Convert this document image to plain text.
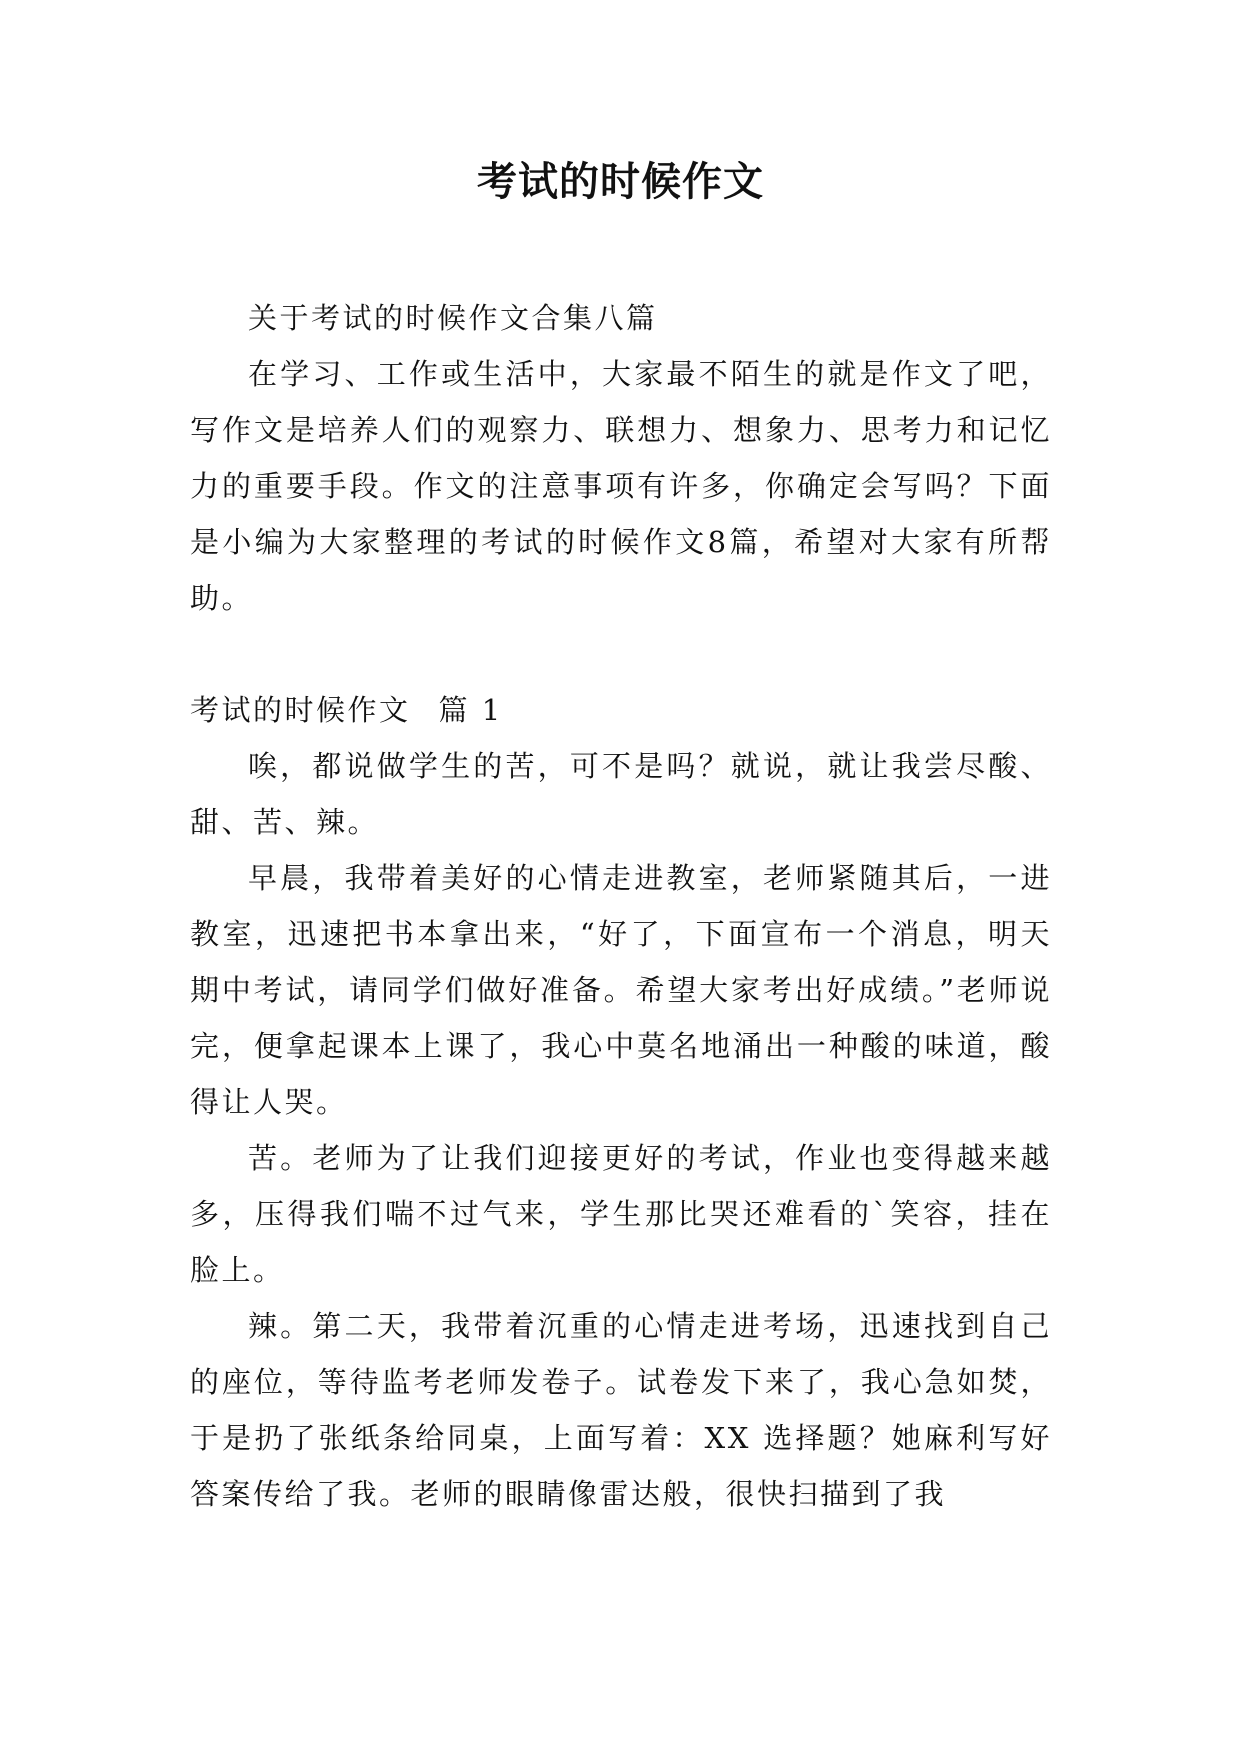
考试的时候作文

关于考试的时候作文合集八篇

在学习、工作或生活中，大家最不陌生的就是作文了吧，写作文是培养人们的观察力、联想力、想象力、思考力和记忆力的重要手段。作文的注意事项有许多，你确定会写吗？下面是小编为大家整理的考试的时候作文8篇，希望对大家有所帮助。

考试的时候作文 篇 1

唉，都说做学生的苦，可不是吗？就说，就让我尝尽酸、甜、苦、辣。

早晨，我带着美好的心情走进教室，老师紧随其后，一进教室，迅速把书本拿出来，“好了，下面宣布一个消息，明天期中考试，请同学们做好准备。希望大家考出好成绩。”老师说完，便拿起课本上课了，我心中莫名地涌出一种酸的味道，酸得让人哭。

苦。老师为了让我们迎接更好的考试，作业也变得越来越多，压得我们喘不过气来，学生那比哭还难看的`笑容，挂在脸上。

辣。第二天，我带着沉重的心情走进考场，迅速找到自己的座位，等待监考老师发卷子。试卷发下来了，我心急如焚，于是扔了张纸条给同桌，上面写着：XX 选择题？她麻利写好答案传给了我。老师的眼睛像雷达般，很快扫描到了我
